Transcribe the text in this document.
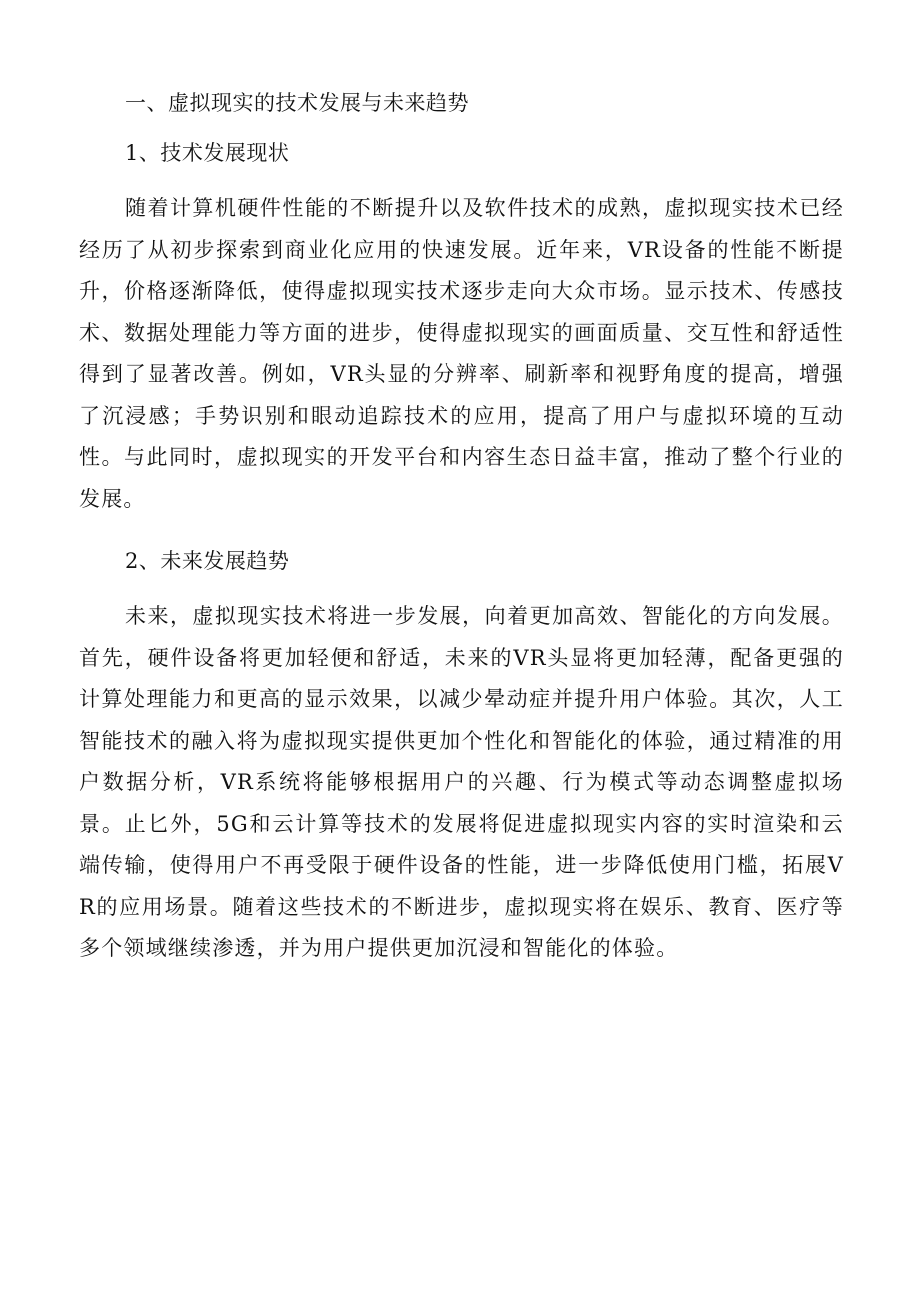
一、虚拟现实的技术发展与未来趋势
1、技术发展现状

随着计算机硬件性能的不断提升以及软件技术的成熟，虚拟现实技术已经经历了从初步探索到商业化应用的快速发展。近年来，VR设备的性能不断提升，价格逐渐降低，使得虚拟现实技术逐步走向大众市场。显示技术、传感技术、数据处理能力等方面的进步，使得虚拟现实的画面质量、交互性和舒适性得到了显著改善。例如，VR头显的分辨率、刷新率和视野角度的提高，增强了沉浸感；手势识别和眼动追踪技术的应用，提高了用户与虚拟环境的互动性。与此同时，虚拟现实的开发平台和内容生态日益丰富，推动了整个行业的发展。

2、未来发展趋势

未来，虚拟现实技术将进一步发展，向着更加高效、智能化的方向发展。首先，硬件设备将更加轻便和舒适，未来的VR头显将更加轻薄，配备更强的计算处理能力和更高的显示效果，以减少晕动症并提升用户体验。其次，人工智能技术的融入将为虚拟现实提供更加个性化和智能化的体验，通过精准的用户数据分析，VR系统将能够根据用户的兴趣、行为模式等动态调整虚拟场景。止匕外，5G和云计算等技术的发展将促进虚拟现实内容的实时渲染和云端传输，使得用户不再受限于硬件设备的性能，进一步降低使用门槛，拓展VR的应用场景。随着这些技术的不断进步，虚拟现实将在娱乐、教育、医疗等多个领域继续渗透，并为用户提供更加沉浸和智能化的体验。
